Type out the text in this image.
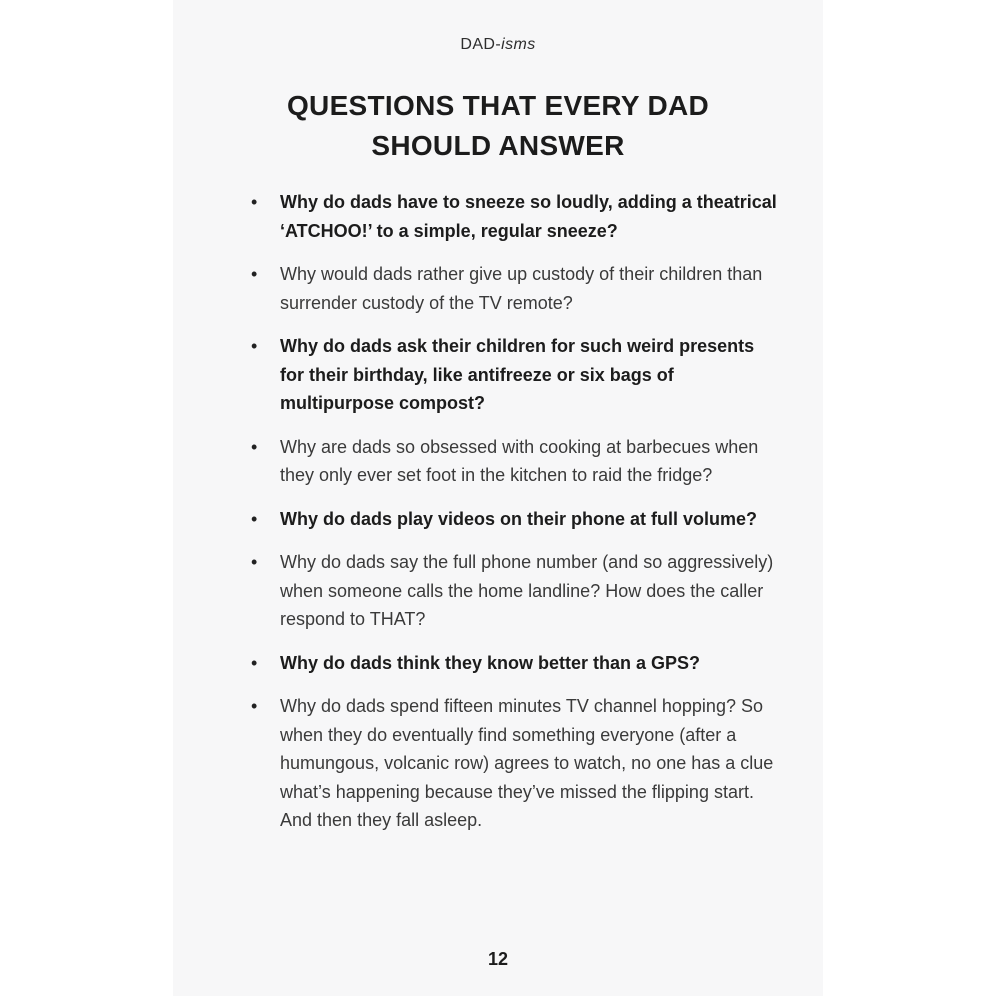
DAD-isms
QUESTIONS THAT EVERY DAD
SHOULD ANSWER
•	Why do dads have to sneeze so loudly, adding a theatrical ‘ATCHOO!’ to a simple, regular sneeze?
•	Why would dads rather give up custody of their children than surrender custody of the TV remote?
•	Why do dads ask their children for such weird presents for their birthday, like antifreeze or six bags of multipurpose compost?
•	Why are dads so obsessed with cooking at barbecues when they only ever set foot in the kitchen to raid the fridge?
•	Why do dads play videos on their phone at full volume?
•	Why do dads say the full phone number (and so aggressively) when someone calls the home landline? How does the caller respond to THAT?
•	Why do dads think they know better than a GPS?
•	Why do dads spend fifteen minutes TV channel hopping? So when they do eventually find something everyone (after a humungous, volcanic row) agrees to watch, no one has a clue what’s happening because they’ve missed the flipping start. And then they fall asleep.
12
